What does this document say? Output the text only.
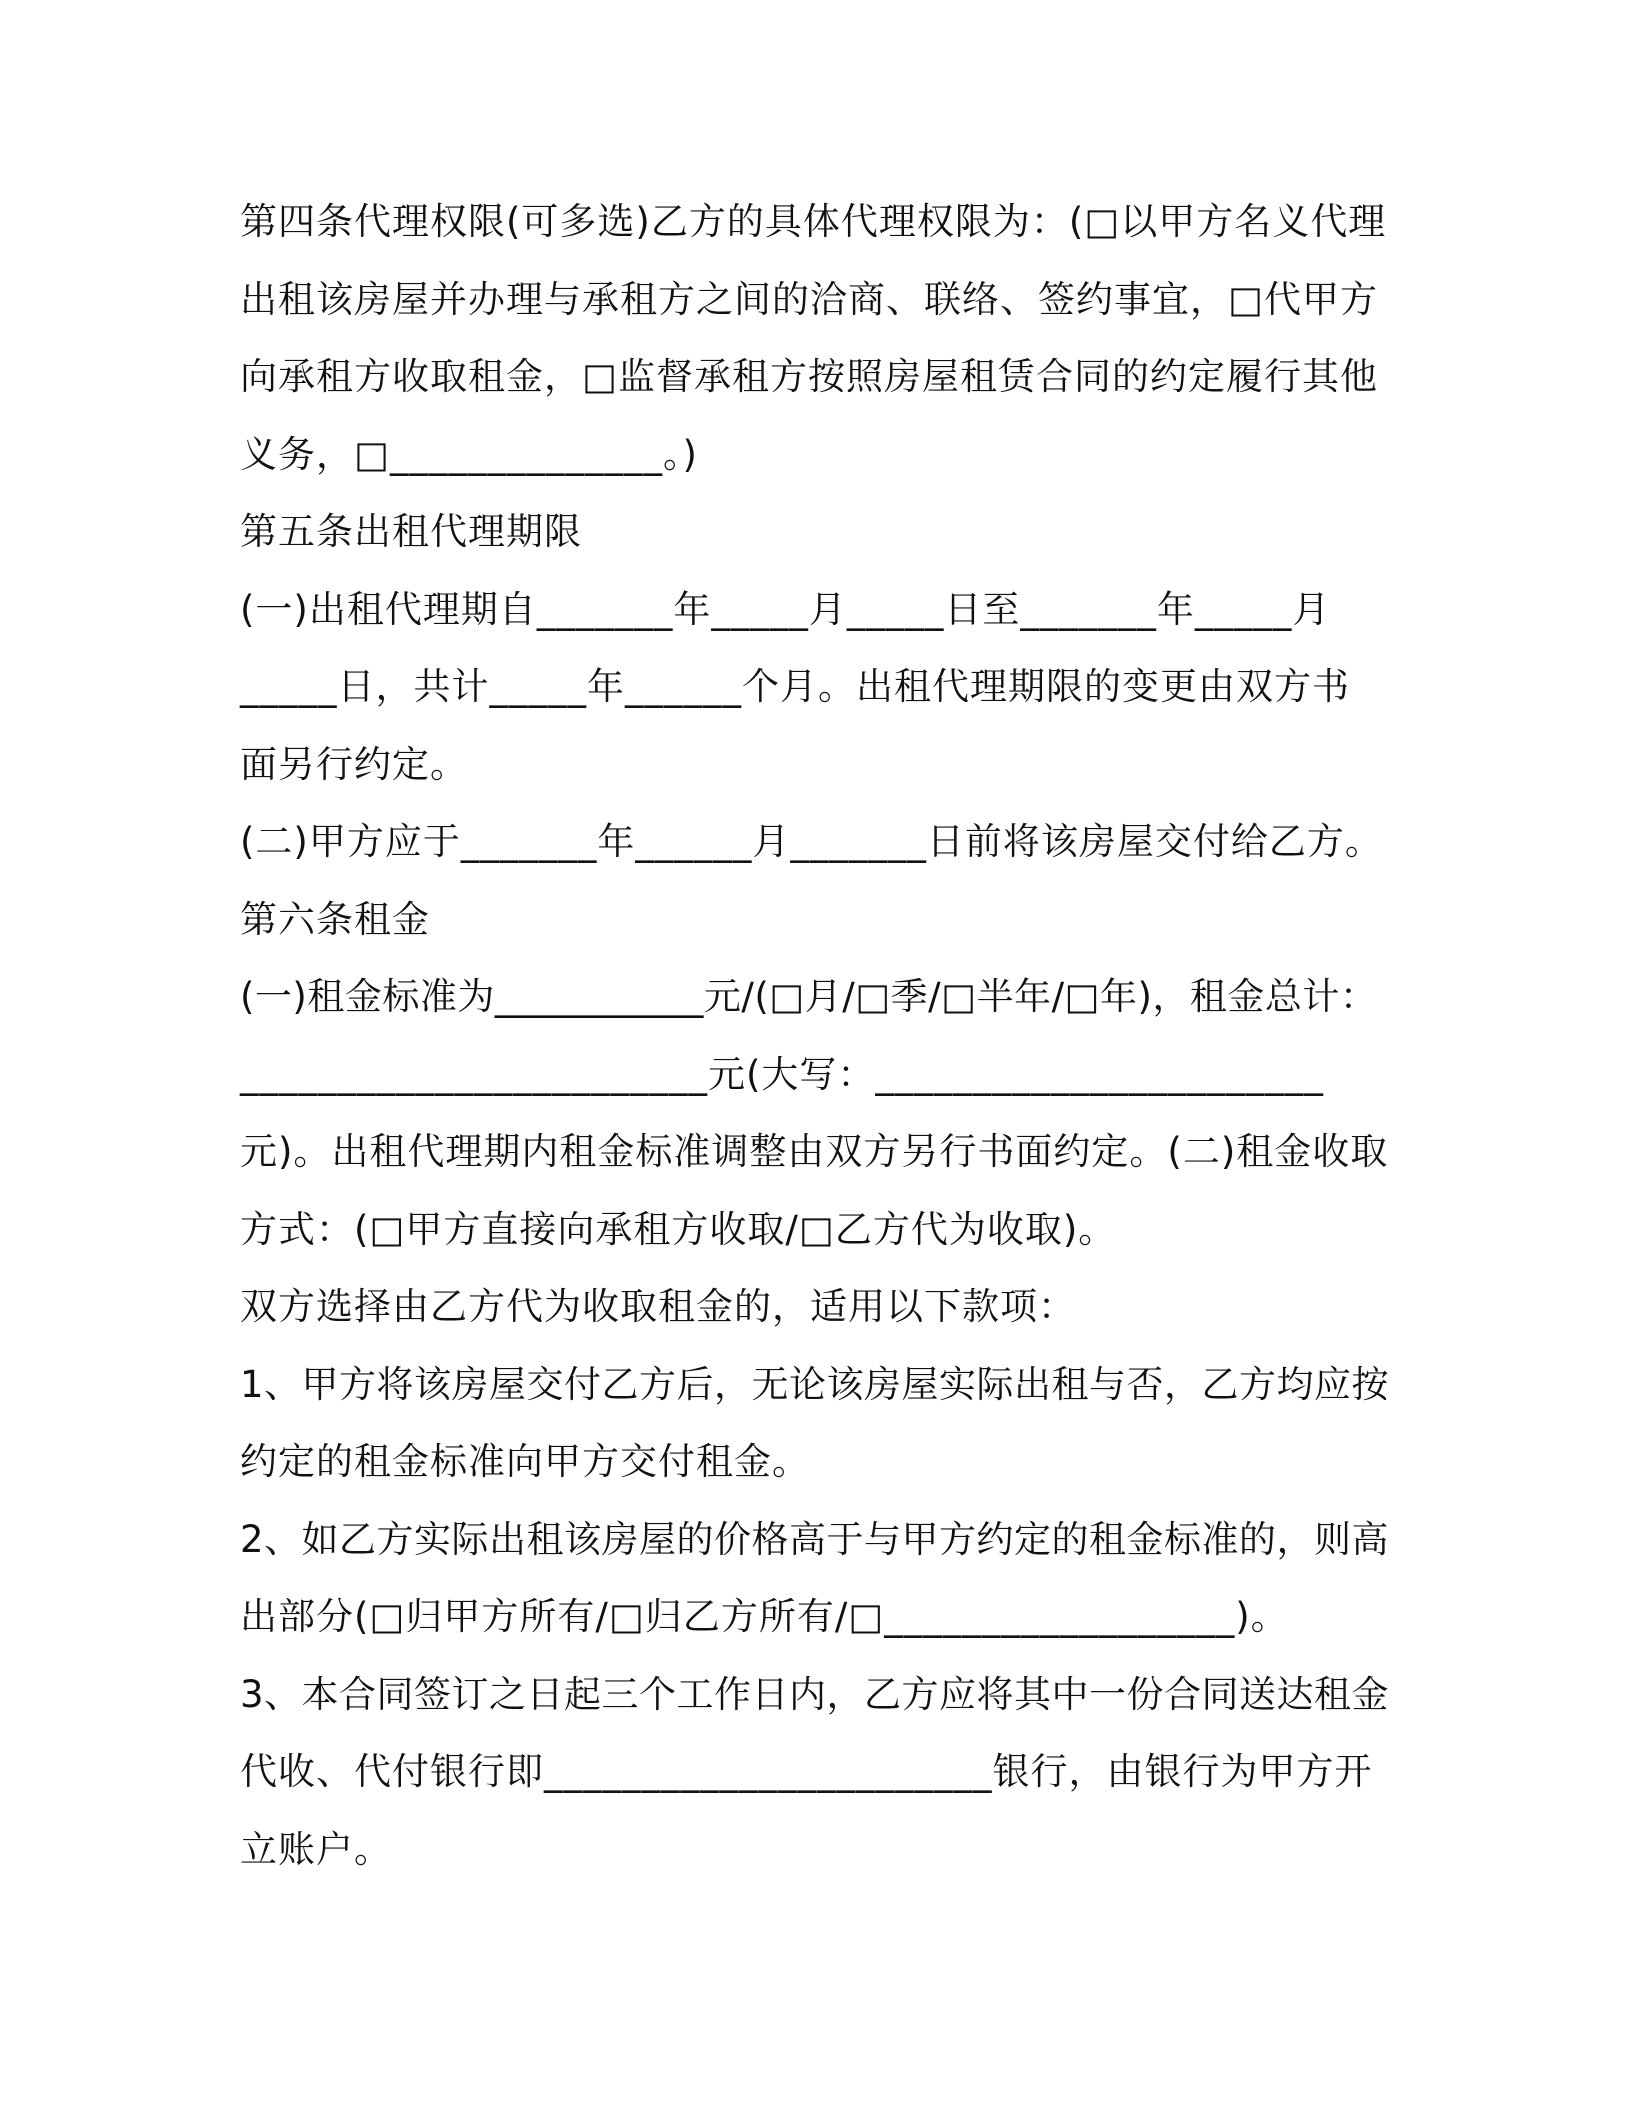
第四条代理权限(可多选)乙方的具体代理权限为：(□以甲方名义代理
出租该房屋并办理与承租方之间的洽商、联络、签约事宜，□代甲方
向承租方收取租金，□监督承租方按照房屋租赁合同的约定履行其他
义务，□______________。)
第五条出租代理期限
(一)出租代理期自_______年_____月_____日至_______年_____月
_____日，共计_____年______个月。出租代理期限的变更由双方书
面另行约定。
(二)甲方应于_______年______月_______日前将该房屋交付给乙方。
第六条租金
(一)租金标准为___________元/(□月/□季/□半年/□年)，租金总计：
________________________元(大写：_______________________
元)。出租代理期内租金标准调整由双方另行书面约定。(二)租金收取
方式：(□甲方直接向承租方收取/□乙方代为收取)。
双方选择由乙方代为收取租金的，适用以下款项：
1、甲方将该房屋交付乙方后，无论该房屋实际出租与否，乙方均应按
约定的租金标准向甲方交付租金。
2、如乙方实际出租该房屋的价格高于与甲方约定的租金标准的，则高
出部分(□归甲方所有/□归乙方所有/□__________________)。
3、本合同签订之日起三个工作日内，乙方应将其中一份合同送达租金
代收、代付银行即_______________________银行，由银行为甲方开
立账户。
